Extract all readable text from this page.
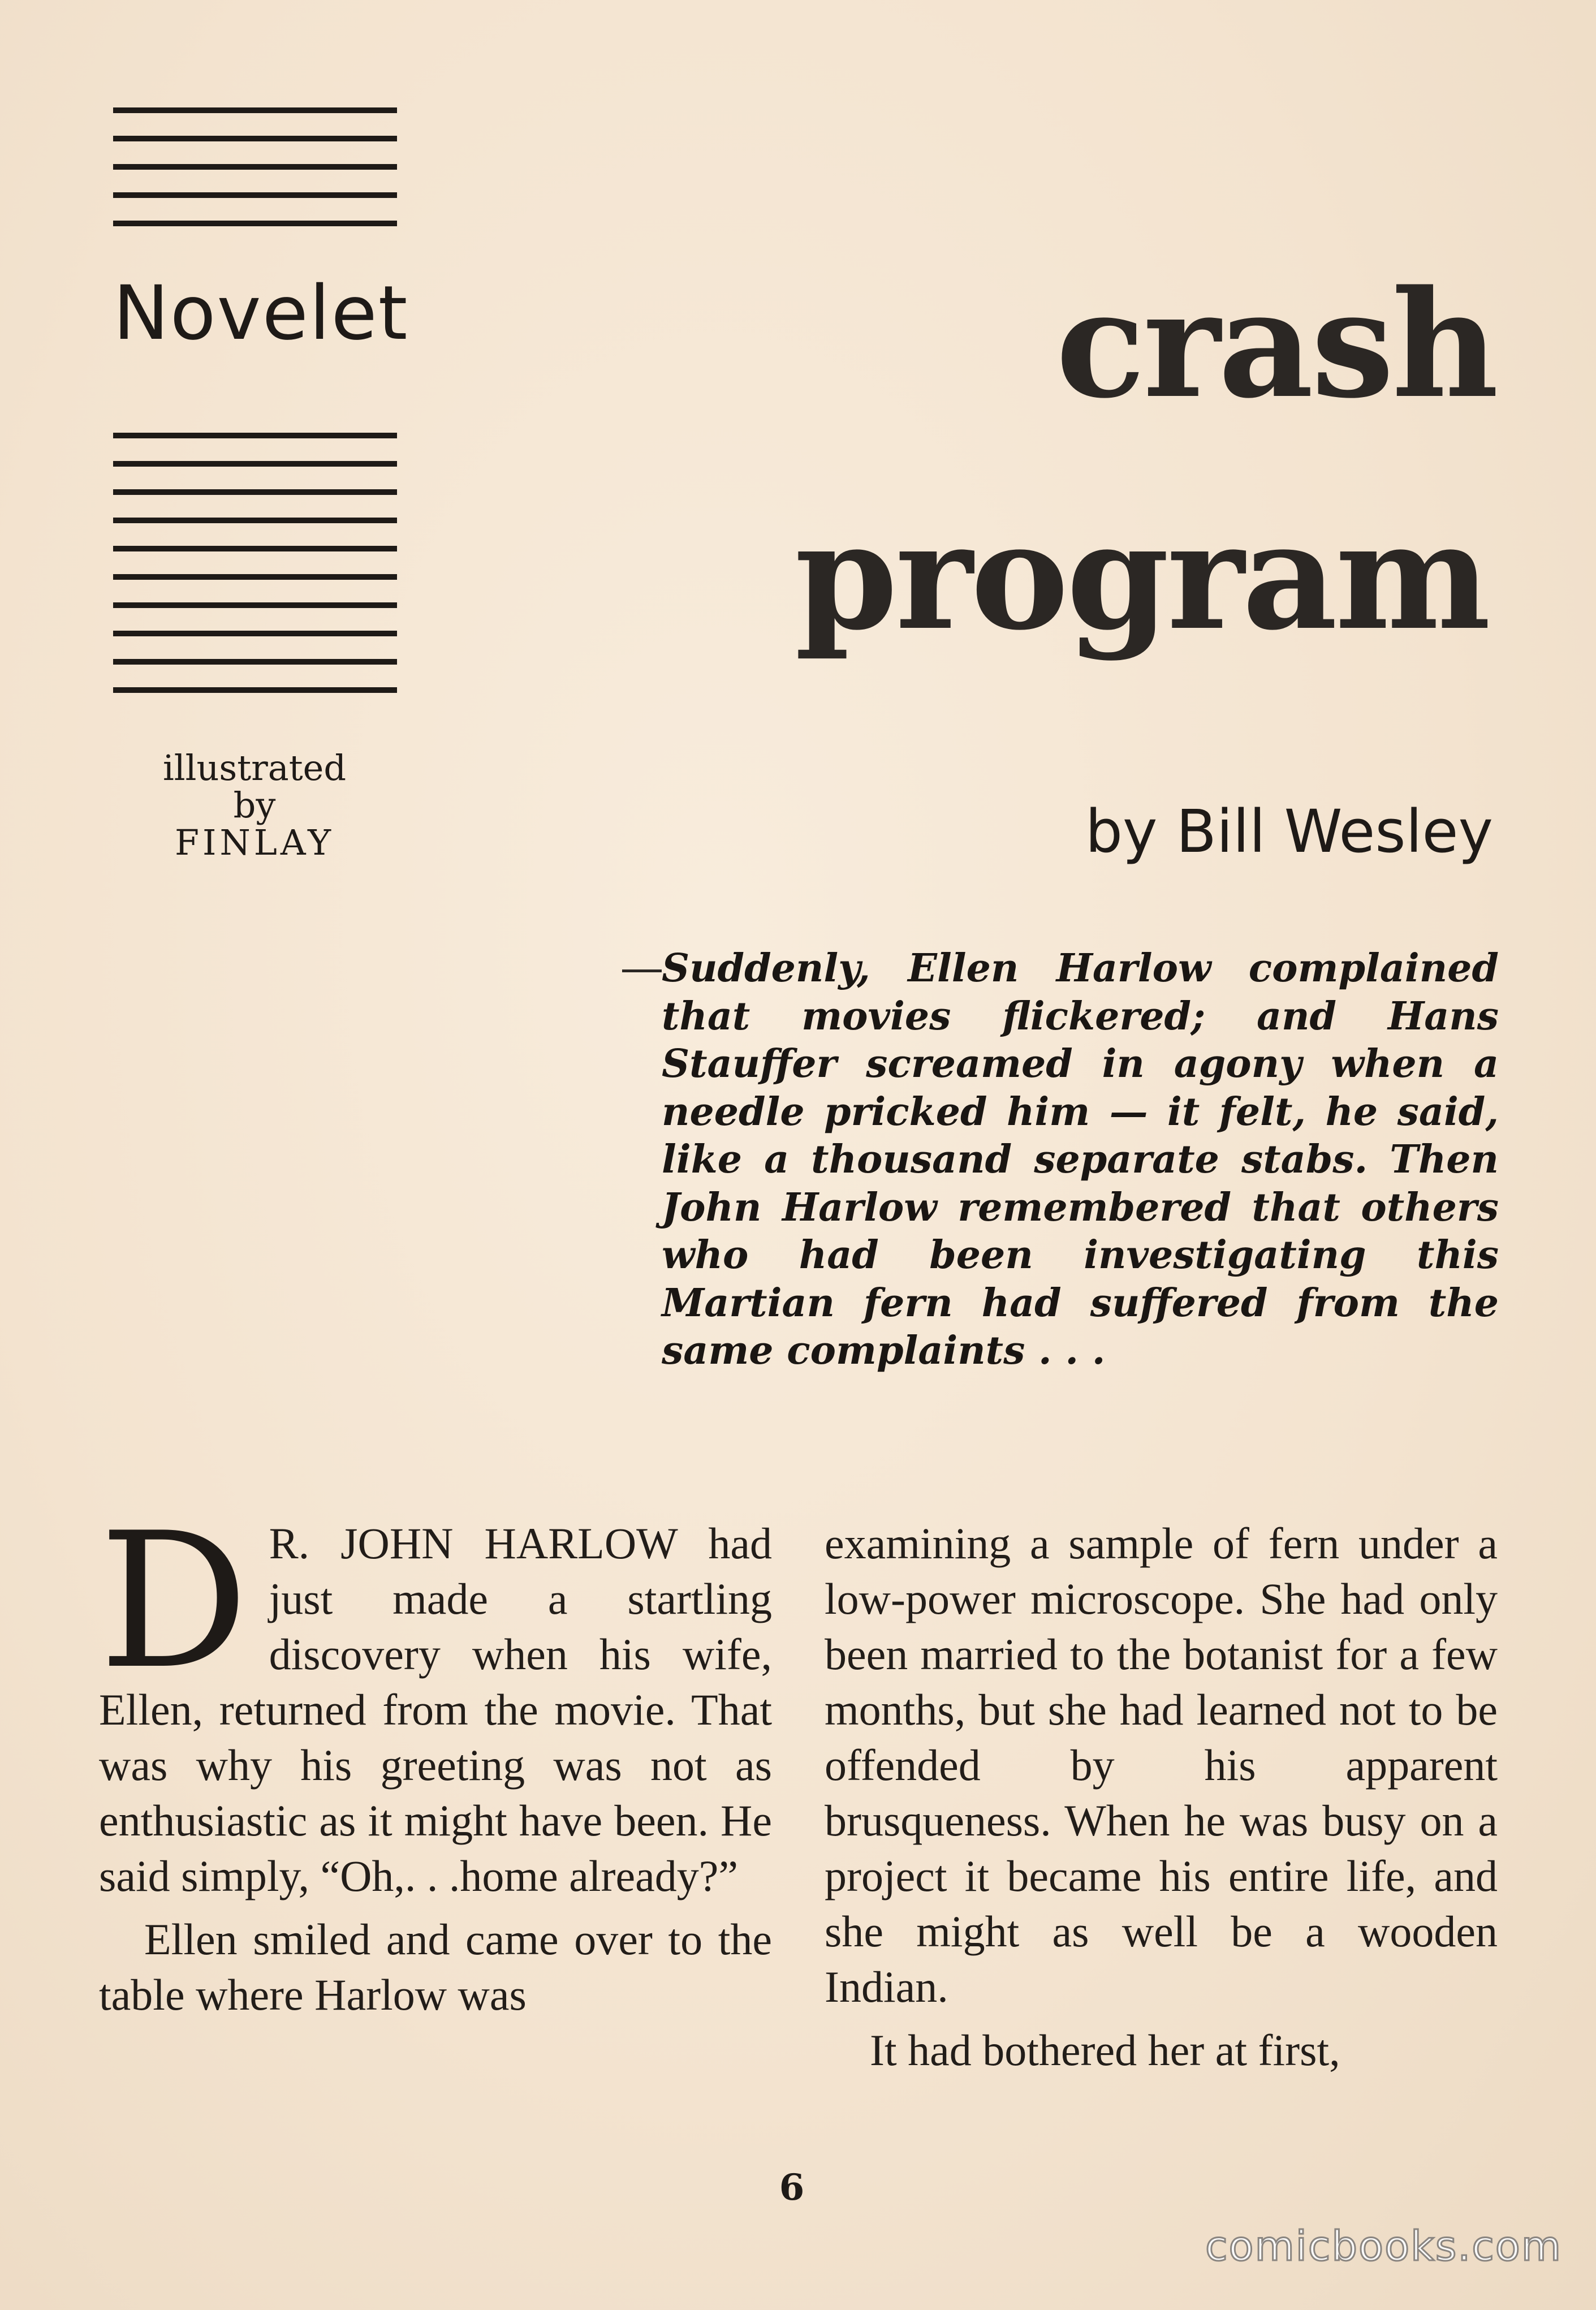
Novelet
illustrated
by
FINLAY
crash
program
by Bill Wesley
Suddenly, Ellen Harlow complained that movies flickered; and Hans Stauffer screamed in agony when a needle pricked him — it felt, he said, like a thousand separate stabs. Then John Harlow remembered that others who had been investigating this Martian fern had suffered from the same complaints . . .

D R. JOHN HARLOW had just made a startling discovery when his wife, Ellen, returned from the movie. That was why his greeting was not as enthusiastic as it might have been. He said simply, “Oh,. . .home already?”

Ellen smiled and came over to the table where Harlow was

examining a sample of fern under a low-power microscope. She had only been married to the botanist for a few months, but she had learned not to be offended by his apparent brusqueness. When he was busy on a project it became his entire life, and she might as well be a wooden Indian.

It had bothered her at first,

6
comicbooks.com
